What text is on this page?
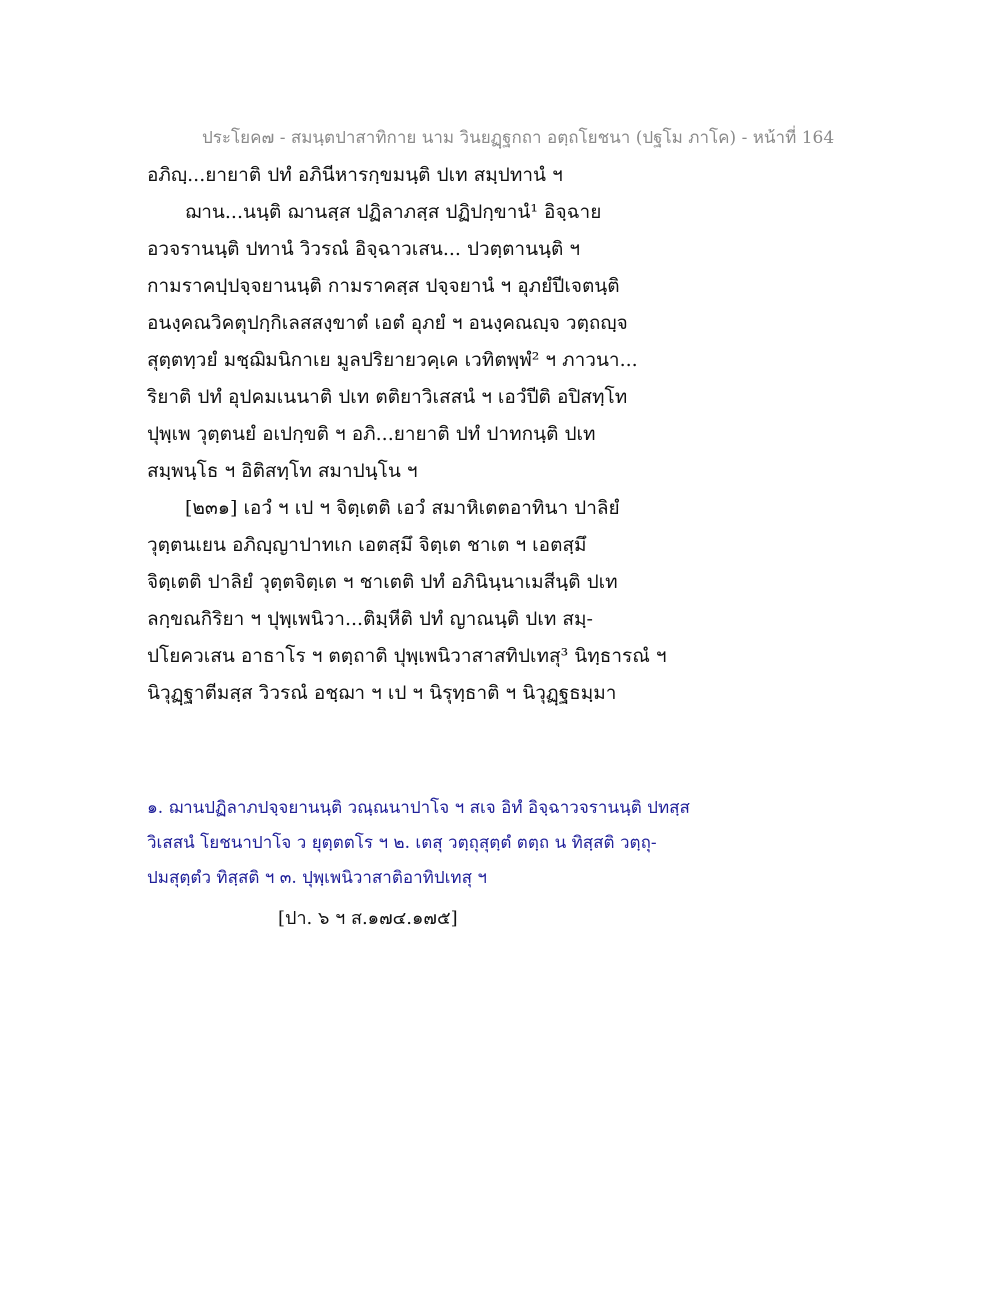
ประโยค๗ - สมนฺตปาสาทิกาย นาม วินยฏฺฐกถา อตฺถโยชนา (ปฐโม ภาโค) - หน้าที่ 164
อภิญฺ...ยายาติ ปทํ อภินีหารกฺขมนฺติ ปเท สมฺปทานํ ฯ
ฌาน...นนฺติ ฌานสฺส ปฏิลาภสฺส ปฏิปกฺขานํ¹ อิจฺฉาย
อวจรานนฺติ ปทานํ วิวรณํ อิจฺฉาวเสน... ปวตฺตานนฺติ ฯ
กามราคปฺปจฺจยานนฺติ กามราคสฺส ปจฺจยานํ ฯ อุภยํปีเจตนฺติ
อนงฺคณวิคตุปกฺกิเลสสงฺขาตํ เอตํ อุภยํ ฯ อนงฺคณญฺจ วตฺถญฺจ
สุตฺตทฺวยํ มชฺฌิมนิกาเย มูลปริยายวคฺเค เวทิตพฺพํ² ฯ ภาวนา...
ริยาติ ปทํ อุปคมเนนาติ ปเท ตติยาวิเสสนํ ฯ เอวํปีติ อปิสทฺโท
ปุพฺเพ วุตฺตนยํ อเปกฺขติ ฯ อภิ...ยายาติ ปทํ ปาทกนฺติ ปเท
สมฺพนฺโธ ฯ อิติสทฺโท สมาปนฺโน ฯ
[๒๓๑] เอวํ ฯ เป ฯ จิตฺเตติ เอวํ สมาหิเตตอาทินา ปาลิยํ
วุตฺตนเยน อภิญฺญาปาทเก เอตสฺมึ จิตฺเต ชาเต ฯ เอตสฺมึ
จิตฺเตติ ปาลิยํ วุตฺตจิตฺเต ฯ ชาเตติ ปทํ อภินินฺนาเมสีนฺติ ปเท
ลกฺขณกิริยา ฯ ปุพฺเพนิวา...ติมฺหีติ ปทํ ญาณนฺติ ปเท สมฺ-
ปโยควเสน อาธาโร ฯ ตตฺถาติ ปุพฺเพนิวาสาสทิปเทสุ³ นิทฺธารณํ ฯ
นิวุฏฺฐาตีมสฺส วิวรณํ อชฺฌา ฯ เป ฯ นิรุทฺธาติ ฯ นิวุฏฺฐธมฺมา
๑. ฌานปฏิลาภปจฺจยานนฺติ วณฺณนาปาโจ ฯ สเจ อิทํ อิจฺฉาวจรานนฺติ ปทสฺส
วิเสสนํ โยชนาปาโจ ว ยุตฺตตโร ฯ ๒. เตสุ วตฺถุสุตฺตํ ตตฺถ น ทิสฺสติ วตฺถุ-
ปมสุตฺตํว ทิสฺสติ ฯ ๓. ปุพฺเพนิวาสาติอาทิปเทสุ ฯ
[ปา. ๖ ฯ ส.๑๗๔.๑๗๕]
